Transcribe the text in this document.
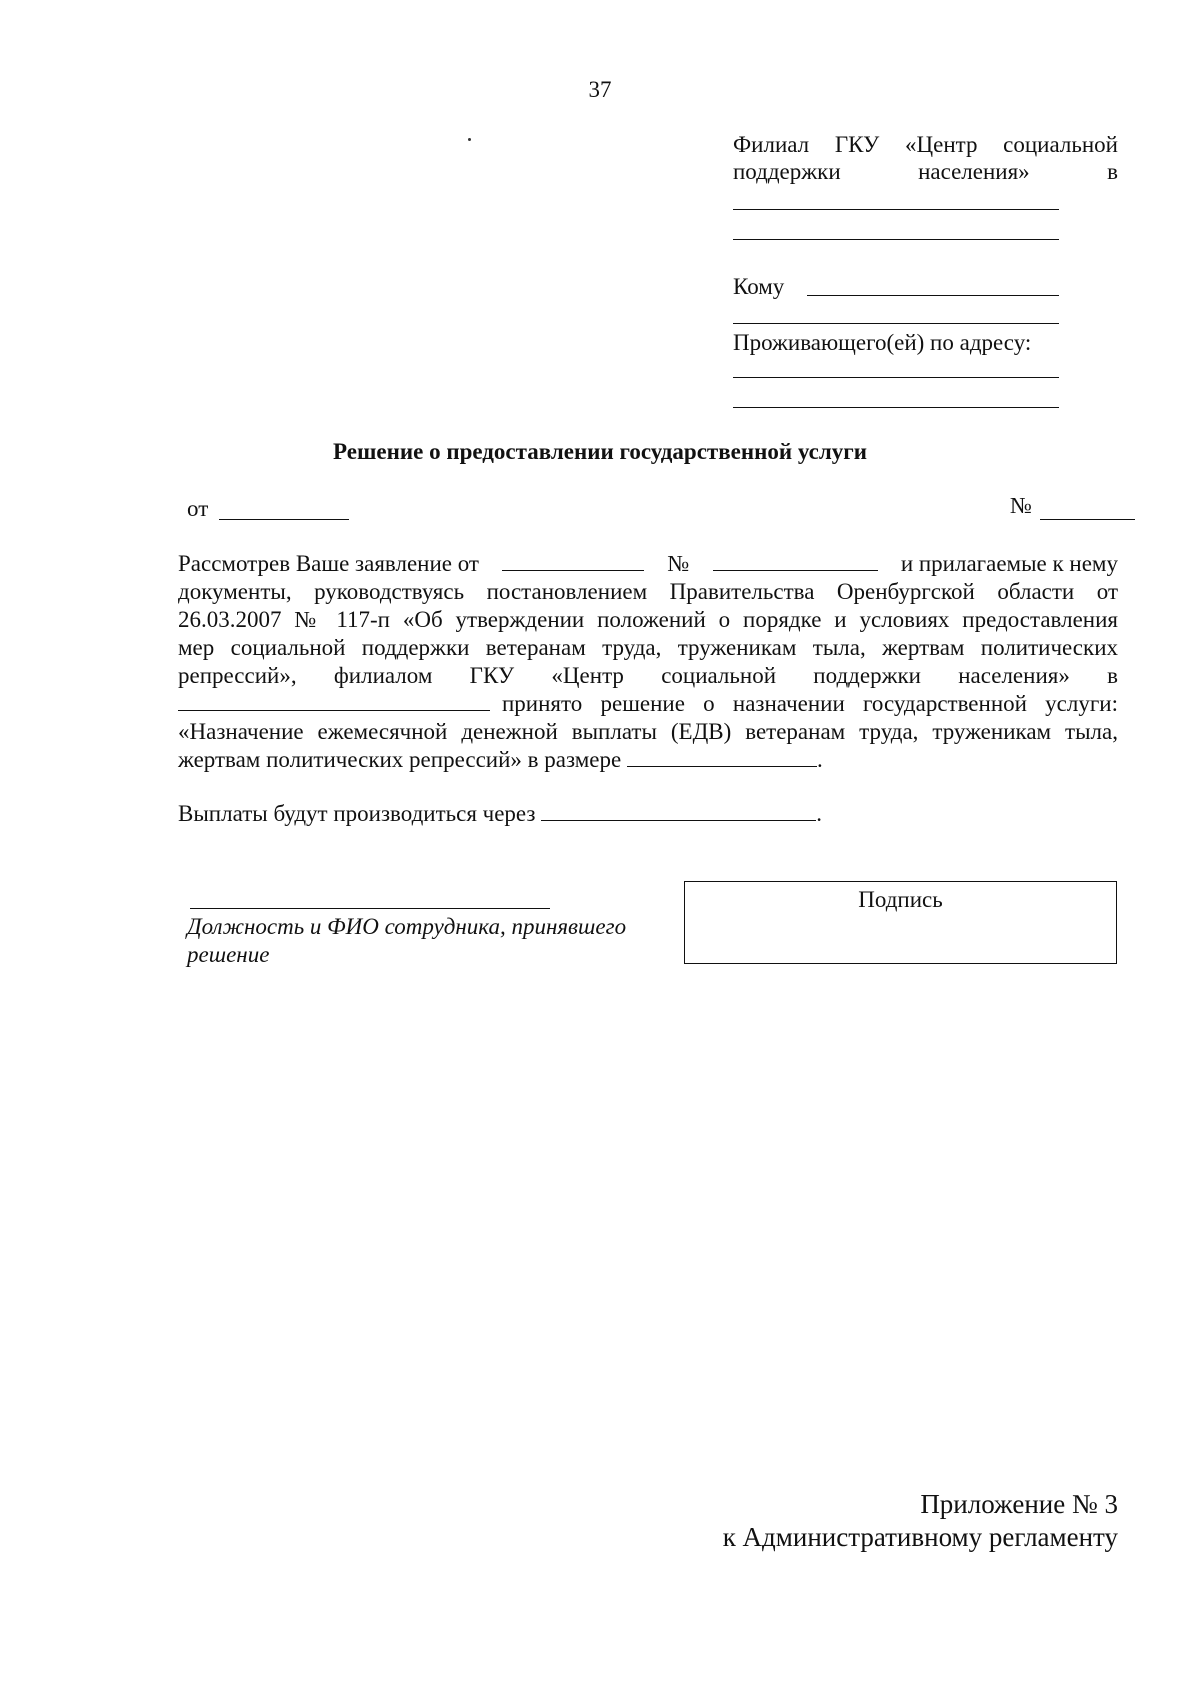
37
Филиал ГКУ «Центр социальной
поддержки	населения»	в
Кому
Проживающего(ей) по адресу:
Решение о предоставлении государственной услуги
от	№
Рассмотрев Ваше заявление от	№	и прилагаемые к нему
документы, руководствуясь постановлением Правительства Оренбургской области от
26.03.2007 № 117-п «Об утверждении положений о порядке и условиях предоставления
мер социальной поддержки ветеранам труда, труженикам тыла, жертвам политических
репрессий», филиалом ГКУ «Центр социальной поддержки населения» в
принято решение о назначении государственной услуги:
«Назначение ежемесячной денежной выплаты (ЕДВ) ветеранам труда, труженикам тыла,
жертвам политических репрессий» в размере	.
Выплаты будут производиться через	.
Должность и ФИО сотрудника, принявшего
решение
Подпись
Приложение № 3
к Административному регламенту
